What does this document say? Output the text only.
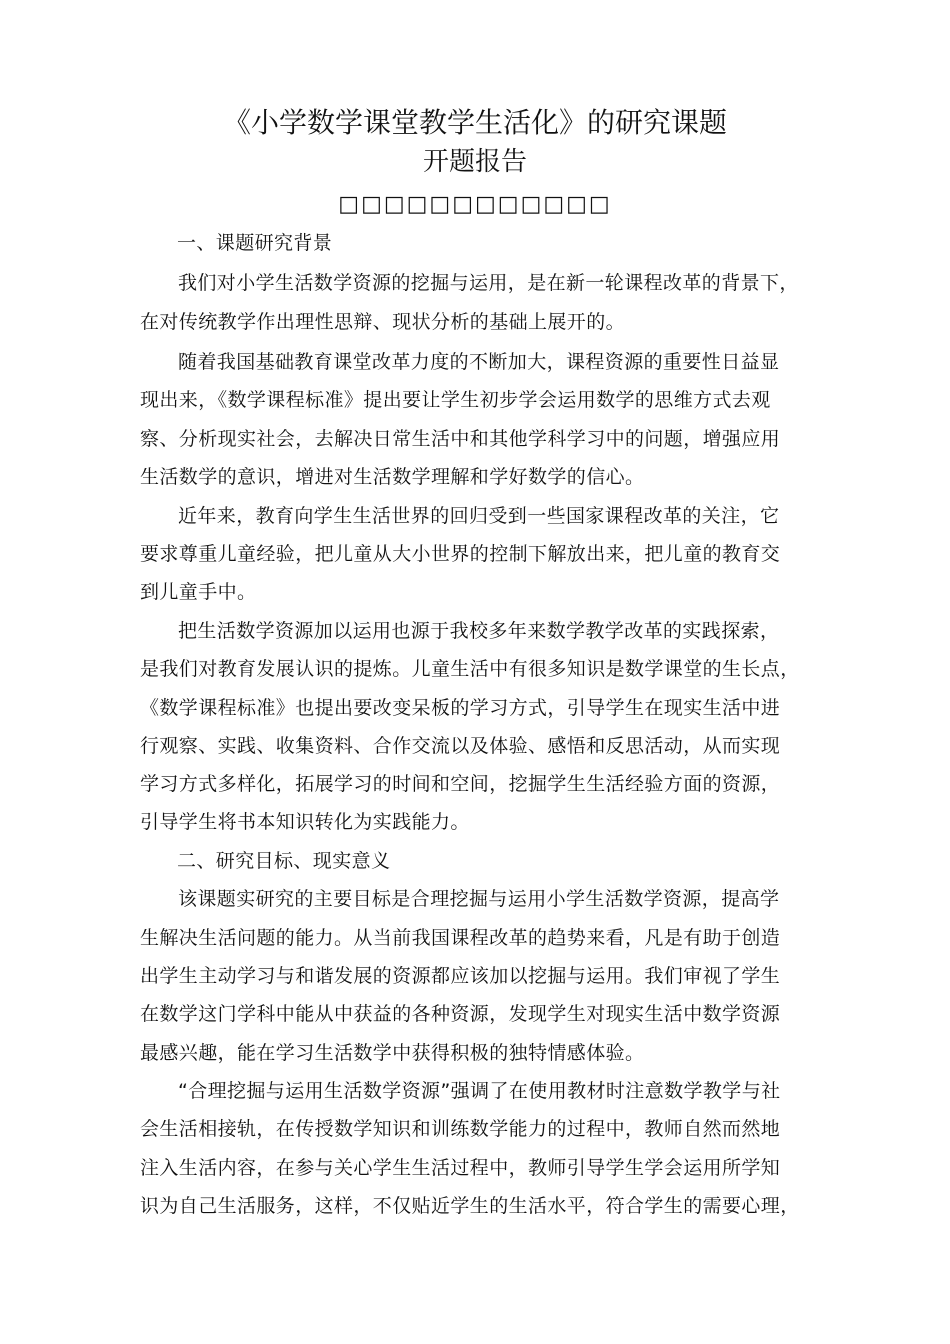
《小学数学课堂教学生活化》的研究课题
开题报告
□□□□□□□□□□□□
一、课题研究背景
我们对小学生活数学资源的挖掘与运用，是在新一轮课程改革的背景下，
在对传统教学作出理性思辩、现状分析的基础上展开的。
随着我国基础教育课堂改革力度的不断加大，课程资源的重要性日益显
现出来，《数学课程标准》提出要让学生初步学会运用数学的思维方式去观
察、分析现实社会，去解决日常生活中和其他学科学习中的问题，增强应用
生活数学的意识，增进对生活数学理解和学好数学的信心。
近年来，教育向学生生活世界的回归受到一些国家课程改革的关注，它
要求尊重儿童经验，把儿童从大小世界的控制下解放出来，把儿童的教育交
到儿童手中。
把生活数学资源加以运用也源于我校多年来数学教学改革的实践探索，
是我们对教育发展认识的提炼。儿童生活中有很多知识是数学课堂的生长点，
《数学课程标准》也提出要改变呆板的学习方式，引导学生在现实生活中进
行观察、实践、收集资料、合作交流以及体验、感悟和反思活动，从而实现
学习方式多样化，拓展学习的时间和空间，挖掘学生生活经验方面的资源，
引导学生将书本知识转化为实践能力。
二、研究目标、现实意义
该课题实研究的主要目标是合理挖掘与运用小学生活数学资源，提高学
生解决生活问题的能力。从当前我国课程改革的趋势来看，凡是有助于创造
出学生主动学习与和谐发展的资源都应该加以挖掘与运用。我们审视了学生
在数学这门学科中能从中获益的各种资源，发现学生对现实生活中数学资源
最感兴趣，能在学习生活数学中获得积极的独特情感体验。
“合理挖掘与运用生活数学资源”强调了在使用教材时注意数学教学与社
会生活相接轨，在传授数学知识和训练数学能力的过程中，教师自然而然地
注入生活内容，在参与关心学生生活过程中，教师引导学生学会运用所学知
识为自己生活服务，这样，不仅贴近学生的生活水平，符合学生的需要心理，
